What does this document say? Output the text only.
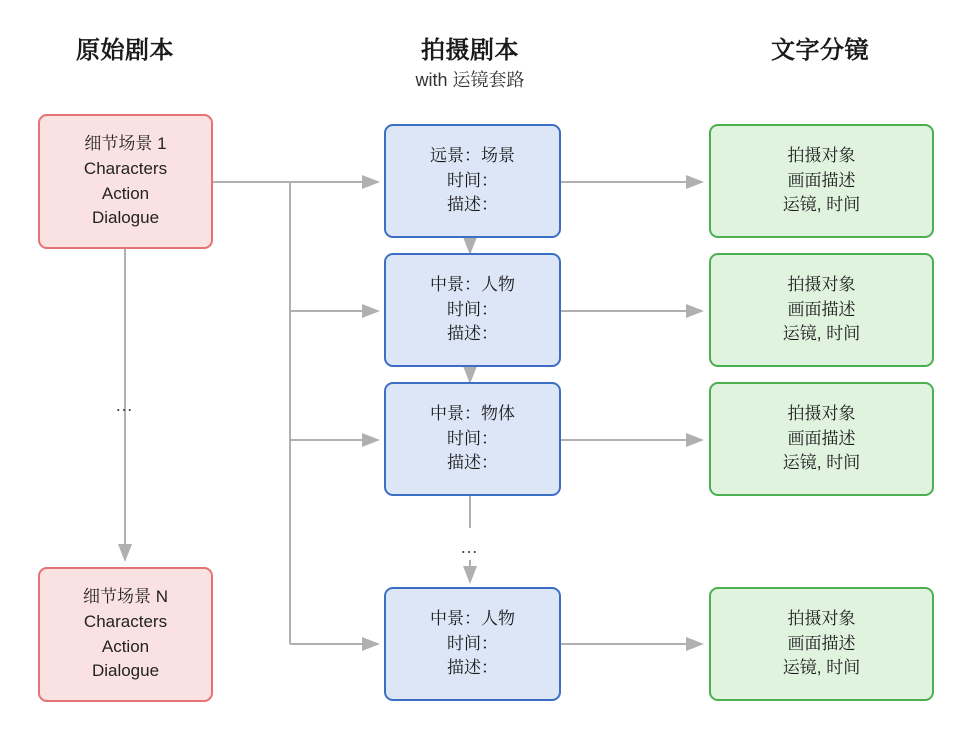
原始剧本	拍摄剧本
with 运镜套路
文字分镜
细节场景 1
Characters
Action
Dialogue
…
细节场景 N
Characters
Action
Dialogue
远景：场景
时间：
描述：
中景：人物
时间：
描述：
中景：物体
时间：
描述：
…
中景：人物
时间：
描述：
拍摄对象
画面描述
运镜, 时间
拍摄对象
画面描述
运镜, 时间
拍摄对象
画面描述
运镜, 时间
拍摄对象
画面描述
运镜, 时间
